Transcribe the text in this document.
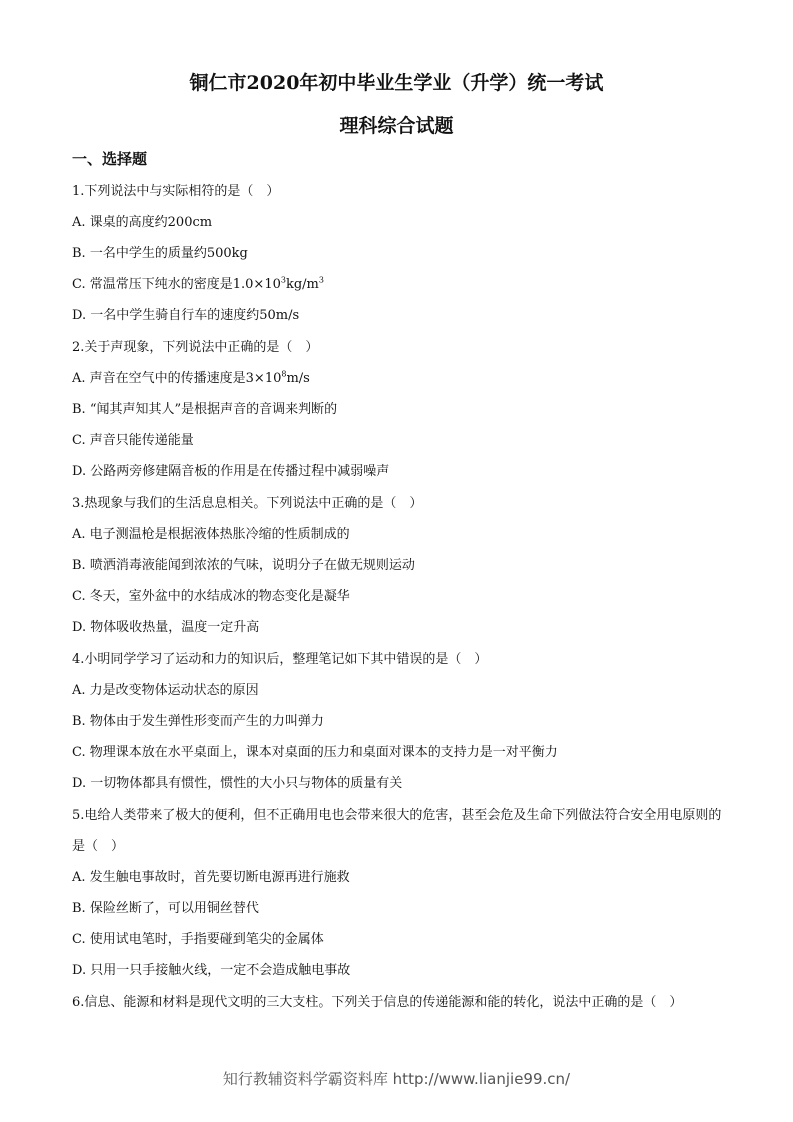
铜仁市2020年初中毕业生学业（升学）统一考试
理科综合试题
一、选择题
1.下列说法中与实际相符的是（　）
A. 课桌的高度约200cm
B. 一名中学生的质量约500kg
C. 常温常压下纯水的密度是$1.0\times 10^3kg/m^3$
D. 一名中学生骑自行车的速度约50m/s
2.关于声现象，下列说法中正确的是（　）
A. 声音在空气中的传播速度是$3\times 10^8m/s$
B. “闻其声知其人”是根据声音的音调来判断的
C. 声音只能传递能量
D. 公路两旁修建隔音板的作用是在传播过程中减弱噪声
3.热现象与我们的生活息息相关。下列说法中正确的是（　）
A. 电子测温枪是根据液体热胀冷缩的性质制成的
B. 喷洒消毒液能闻到浓浓的气味，说明分子在做无规则运动
C. 冬天，室外盆中的水结成冰的物态变化是凝华
D. 物体吸收热量，温度一定升高
4.小明同学学习了运动和力的知识后，整理笔记如下其中错误的是（　）
A. 力是改变物体运动状态的原因
B. 物体由于发生弹性形变而产生的力叫弹力
C. 物理课本放在水平桌面上，课本对桌面的压力和桌面对课本的支持力是一对平衡力
D. 一切物体都具有惯性，惯性的大小只与物体的质量有关
5.电给人类带来了极大的便利，但不正确用电也会带来很大的危害，甚至会危及生命下列做法符合安全用电原则的是（　）
A. 发生触电事故时，首先要切断电源再进行施救
B. 保险丝断了，可以用铜丝替代
C. 使用试电笔时，手指要碰到笔尖的金属体
D. 只用一只手接触火线，一定不会造成触电事故
6.信息、能源和材料是现代文明的三大支柱。下列关于信息的传递能源和能的转化，说法中正确的是（　）
知行教辅资料学霸资料库 http://www.lianjie99.cn/
